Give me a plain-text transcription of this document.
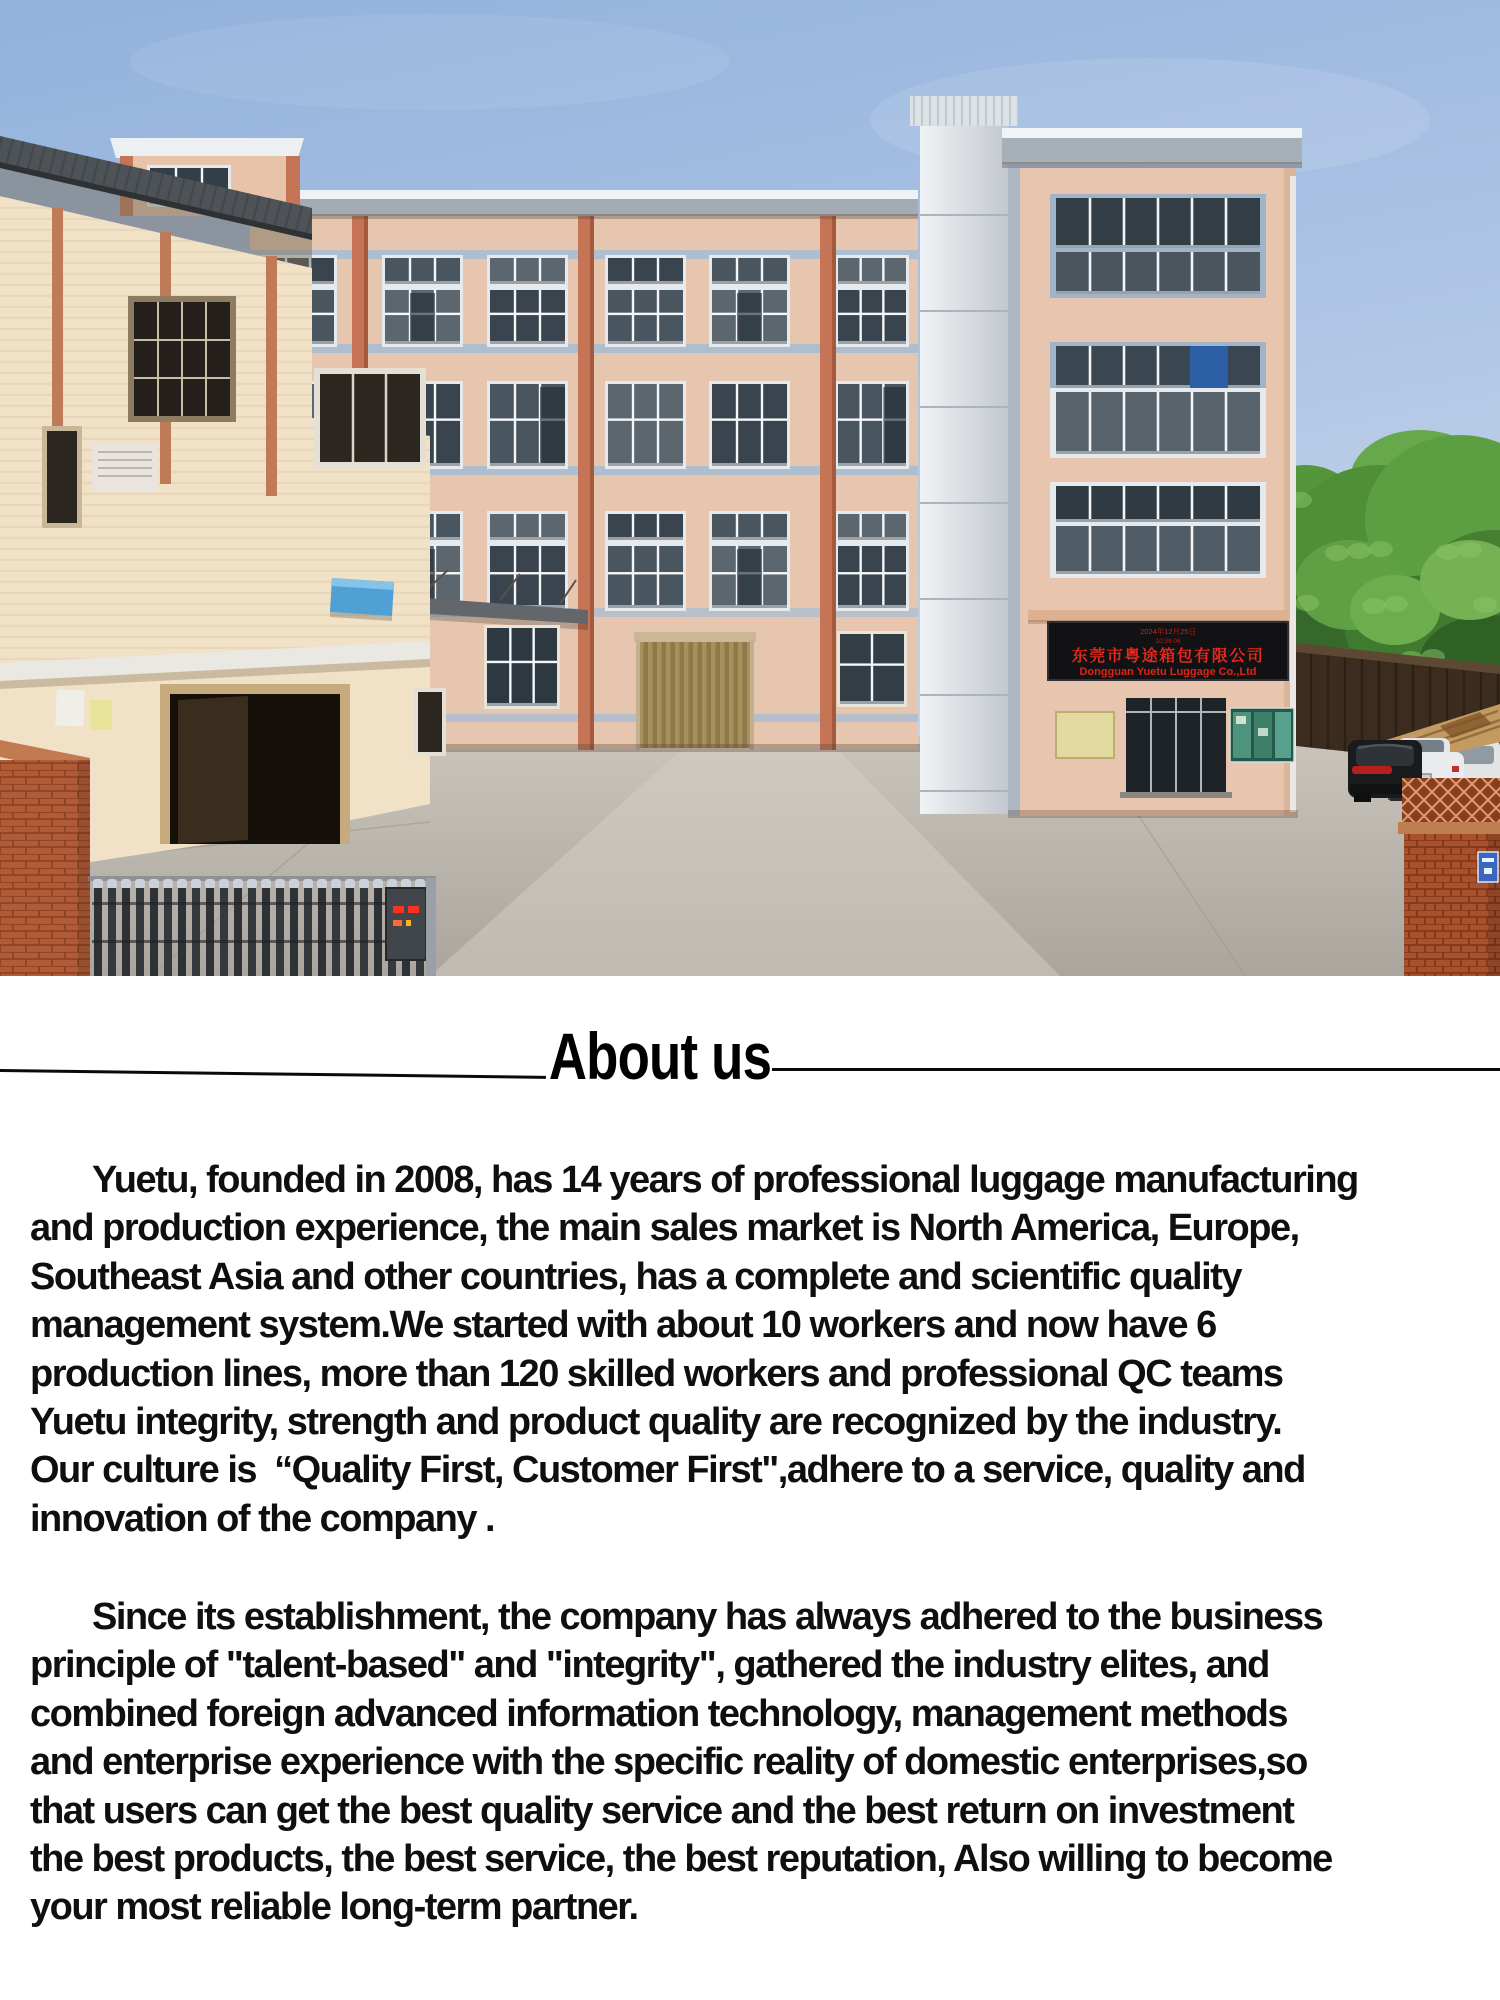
2024年12月25日
10:38:06
东莞市粤途箱包有限公司
Dongguan Yuetu Luggage Co.,Ltd
About us
Yuetu, founded in 2008, has 14 years of professional luggage manufacturing
and production experience, the main sales market is North America, Europe,
Southeast Asia and other countries, has a complete and scientific quality
management system.We started with about 10 workers and now have 6
production lines, more than 120 skilled workers and professional QC teams
Yuetu integrity, strength and product quality are recognized by the industry.
Our culture is  “Quality First, Customer First",adhere to a service, quality and
innovation of the company .
Since its establishment, the company has always adhered to the business
principle of "talent-based" and "integrity", gathered the industry elites, and
combined foreign advanced information technology, management methods
and enterprise experience with the specific reality of domestic enterprises,so
that users can get the best quality service and the best return on investment
the best products, the best service, the best reputation, Also willing to become
your most reliable long-term partner.
